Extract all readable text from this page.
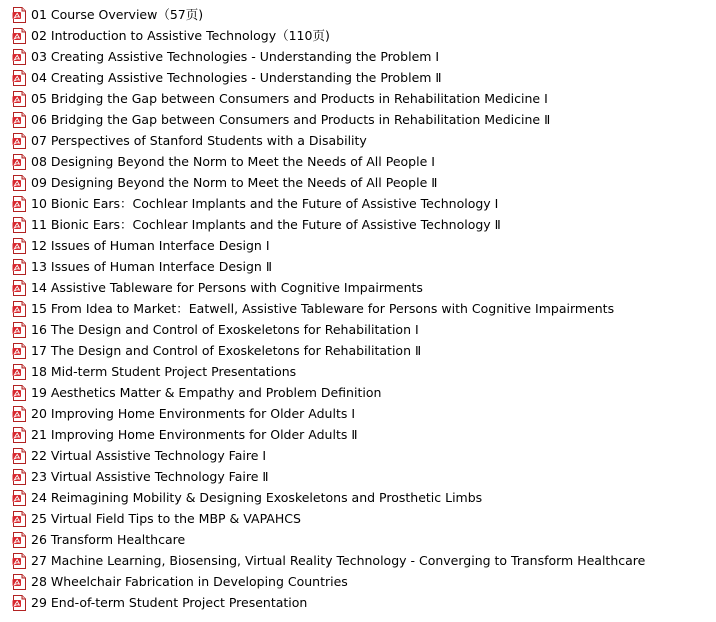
01 Course Overview（57页)
02 Introduction to Assistive Technology（110页)
03 Creating Assistive Technologies - Understanding the Problem Ⅰ
04 Creating Assistive Technologies - Understanding the Problem Ⅱ
05 Bridging the Gap between Consumers and Products in Rehabilitation Medicine Ⅰ
06 Bridging the Gap between Consumers and Products in Rehabilitation Medicine Ⅱ
07 Perspectives of Stanford Students with a Disability
08 Designing Beyond the Norm to Meet the Needs of All People Ⅰ
09 Designing Beyond the Norm to Meet the Needs of All People Ⅱ
10 Bionic Ears：Cochlear Implants and the Future of Assistive Technology Ⅰ
11 Bionic Ears：Cochlear Implants and the Future of Assistive Technology Ⅱ
12 Issues of Human Interface Design Ⅰ
13 Issues of Human Interface Design Ⅱ
14 Assistive Tableware for Persons with Cognitive Impairments
15 From Idea to Market：Eatwell, Assistive Tableware for Persons with Cognitive Impairments
16 The Design and Control of Exoskeletons for Rehabilitation Ⅰ
17 The Design and Control of Exoskeletons for Rehabilitation Ⅱ
18 Mid-term Student Project Presentations
19 Aesthetics Matter & Empathy and Problem Definition
20 Improving Home Environments for Older Adults Ⅰ
21 Improving Home Environments for Older Adults Ⅱ
22 Virtual Assistive Technology Faire Ⅰ
23 Virtual Assistive Technology Faire Ⅱ
24 Reimagining Mobility & Designing Exoskeletons and Prosthetic Limbs
25 Virtual Field Tips to the MBP & VAPAHCS
26 Transform Healthcare
27 Machine Learning, Biosensing, Virtual Reality Technology - Converging to Transform Healthcare
28 Wheelchair Fabrication in Developing Countries
29 End-of-term Student Project Presentation
